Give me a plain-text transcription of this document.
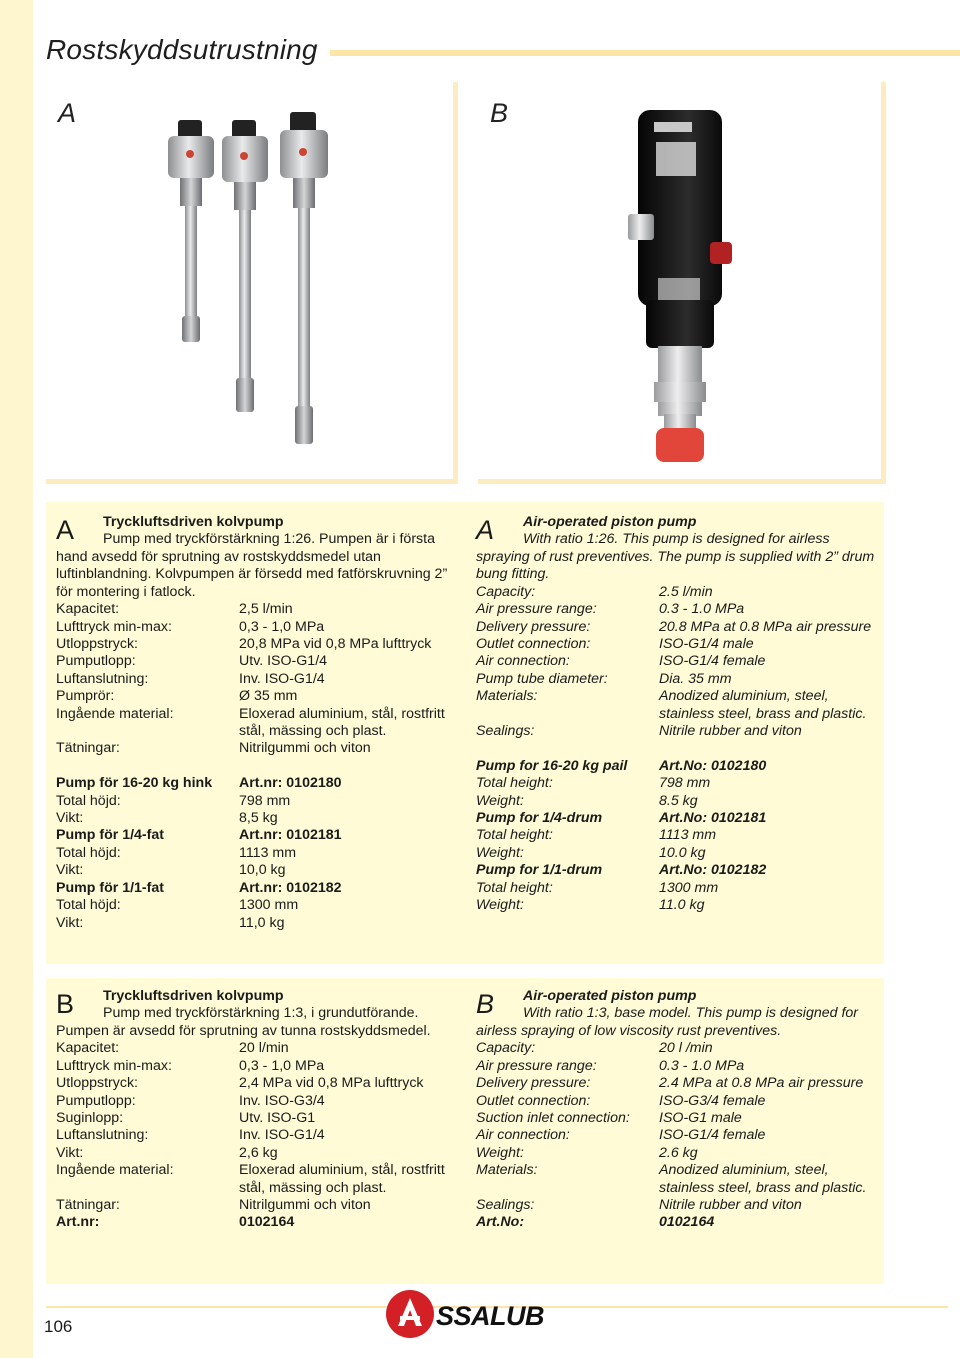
Rostskyddsutrustning
A	B
A Tryckluftsdriven kolvpump
Pump med tryckförstärkning 1:26. Pumpen är i första

hand avsedd för sprutning av rostskyddsmedel utan luftinblandning. Kolvpumpen är försedd med fatförskruvning 2” för montering i fatlock.

Kapacitet:	2,5 l/min
Lufttryck min-max:	0,3 - 1,0 MPa
Utloppstryck:	20,8 MPa vid 0,8 MPa lufttryck
Pumputlopp:	Utv. ISO-G1/4
Luftanslutning:	Inv. ISO-G1/4
Pumprör:	Ø 35 mm
Ingående material:	Eloxerad aluminium, stål, rostfritt stål, mässing och plast.
Tätningar:	Nitrilgummi och viton
Pump för 16-20 kg hink	Art.nr: 0102180
Total höjd:	798 mm
Vikt:	8,5 kg
Pump för 1/4-fat	Art.nr: 0102181
Total höjd:	1113 mm
Vikt:	10,0 kg
Pump för 1/1-fat	Art.nr: 0102182
Total höjd:	1300 mm
Vikt:	11,0 kg
A Air-operated piston pump
With ratio 1:26. This pump is designed for airless

spraying of rust preventives. The pump is supplied with 2” drum bung fitting.

Capacity:	2.5 l/min
Air pressure range:	0.3 - 1.0 MPa
Delivery pressure:	20.8 MPa at 0.8 MPa air pressure
Outlet connection:	ISO-G1/4 male
Air connection:	ISO-G1/4 female
Pump tube diameter:	Dia. 35 mm
Materials:	Anodized aluminium, steel, stainless steel, brass and plastic.
Sealings:	Nitrile rubber and viton
Pump for 16-20 kg pail	Art.No: 0102180
Total height:	798 mm
Weight:	8.5 kg
Pump for 1/4-drum	Art.No: 0102181
Total height:	1113 mm
Weight:	10.0 kg
Pump for 1/1-drum	Art.No: 0102182
Total height:	1300 mm
Weight:	11.0 kg
B Tryckluftsdriven kolvpump
Pump med tryckförstärkning 1:3, i grundutförande.

Pumpen är avsedd för sprutning av tunna rostskyddsmedel.

Kapacitet:	20 l/min
Lufttryck min-max:	0,3 - 1,0 MPa
Utloppstryck:	2,4 MPa vid 0,8 MPa lufttryck
Pumputlopp:	Inv. ISO-G3/4
Suginlopp:	Utv. ISO-G1
Luftanslutning:	Inv. ISO-G1/4
Vikt:	2,6 kg
Ingående material:	Eloxerad aluminium, stål, rostfritt stål, mässing och plast.
Tätningar:	Nitrilgummi och viton
Art.nr:	0102164
B Air-operated piston pump
With ratio 1:3, base model. This pump is designed for

airless spraying of low viscosity rust preventives.

Capacity:	20 l /min
Air pressure range:	0.3 - 1.0 MPa
Delivery pressure:	2.4 MPa at 0.8 MPa air pressure
Outlet connection:	ISO-G3/4 female
Suction inlet connection:	ISO-G1 male
Air connection:	ISO-G1/4 female
Weight:	2.6 kg
Materials:	Anodized aluminium, steel, stainless steel, brass and plastic.
Sealings:	Nitrile rubber and viton
Art.No:	0102164
106	SSALUB
